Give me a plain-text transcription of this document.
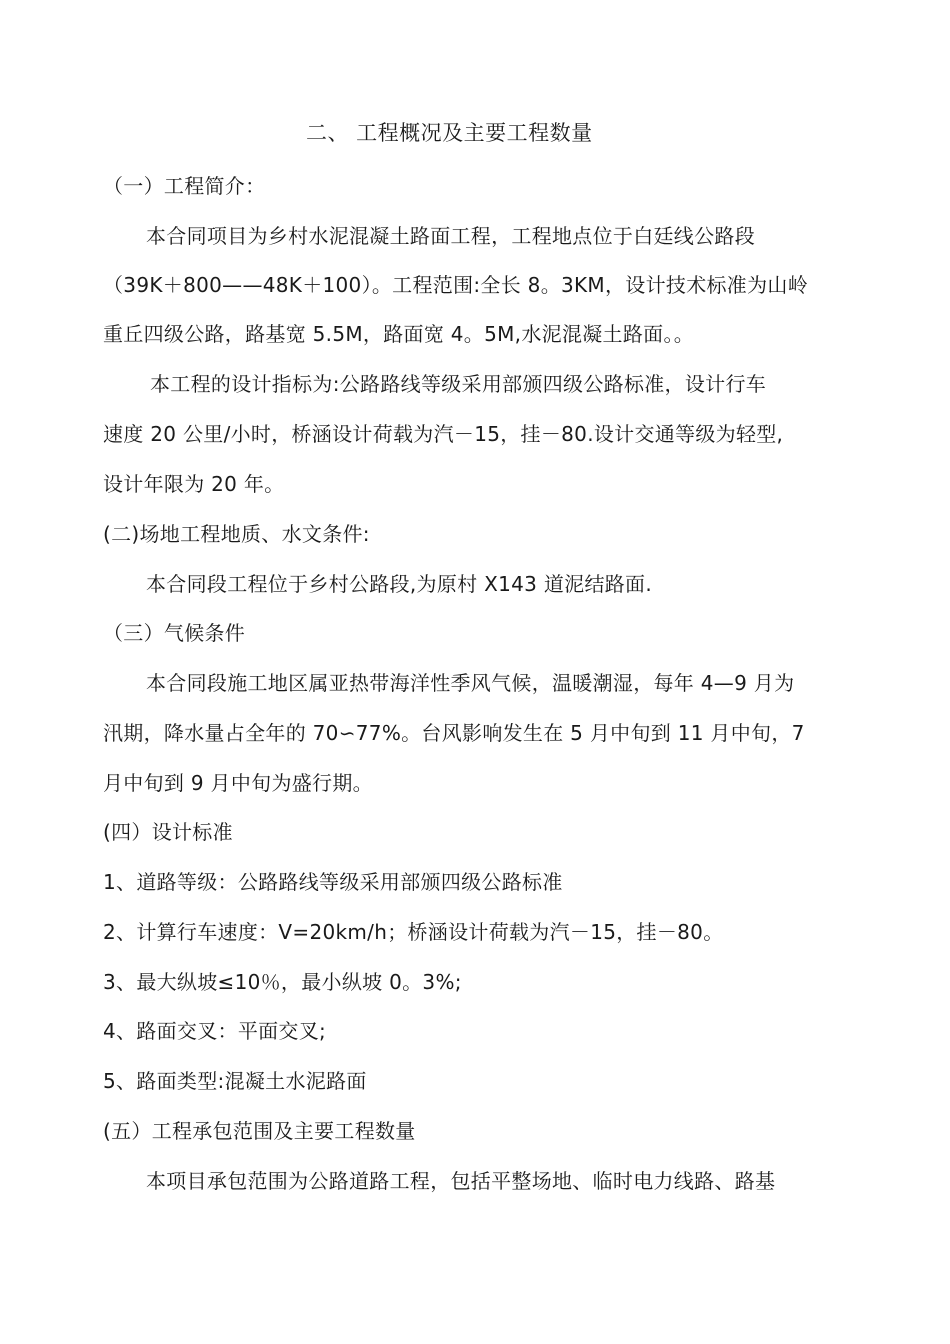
二、 工程概况及主要工程数量
（一）工程简介：
本合同项目为乡村水泥混凝土路面工程，工程地点位于白廷线公路段
（39K＋800——48K＋100）。工程范围:全长 8。3KM，设计技术标准为山岭
重丘四级公路，路基宽 5.5M，路面宽 4。5M,水泥混凝土路面。。
本工程的设计指标为:公路路线等级采用部颁四级公路标准，设计行车
速度 20 公里/小时，桥涵设计荷载为汽－15，挂－80.设计交通等级为轻型,
设计年限为 20 年。
(二)场地工程地质、水文条件:
本合同段工程位于乡村公路段,为原村 X143 道泥结路面.
（三）气候条件
本合同段施工地区属亚热带海洋性季风气候，温暖潮湿，每年 4—9 月为
汛期，降水量占全年的 70∽77%。台风影响发生在 5 月中旬到 11 月中旬，7
月中旬到 9 月中旬为盛行期。
(四）设计标准
1、道路等级：公路路线等级采用部颁四级公路标准
2、计算行车速度：V=20km/h；桥涵设计荷载为汽－15，挂－80。
3、最大纵坡≤10％，最小纵坡 0。3%;
4、路面交叉：平面交叉;
5、路面类型:混凝土水泥路面
(五）工程承包范围及主要工程数量
本项目承包范围为公路道路工程，包括平整场地、临时电力线路、路基
